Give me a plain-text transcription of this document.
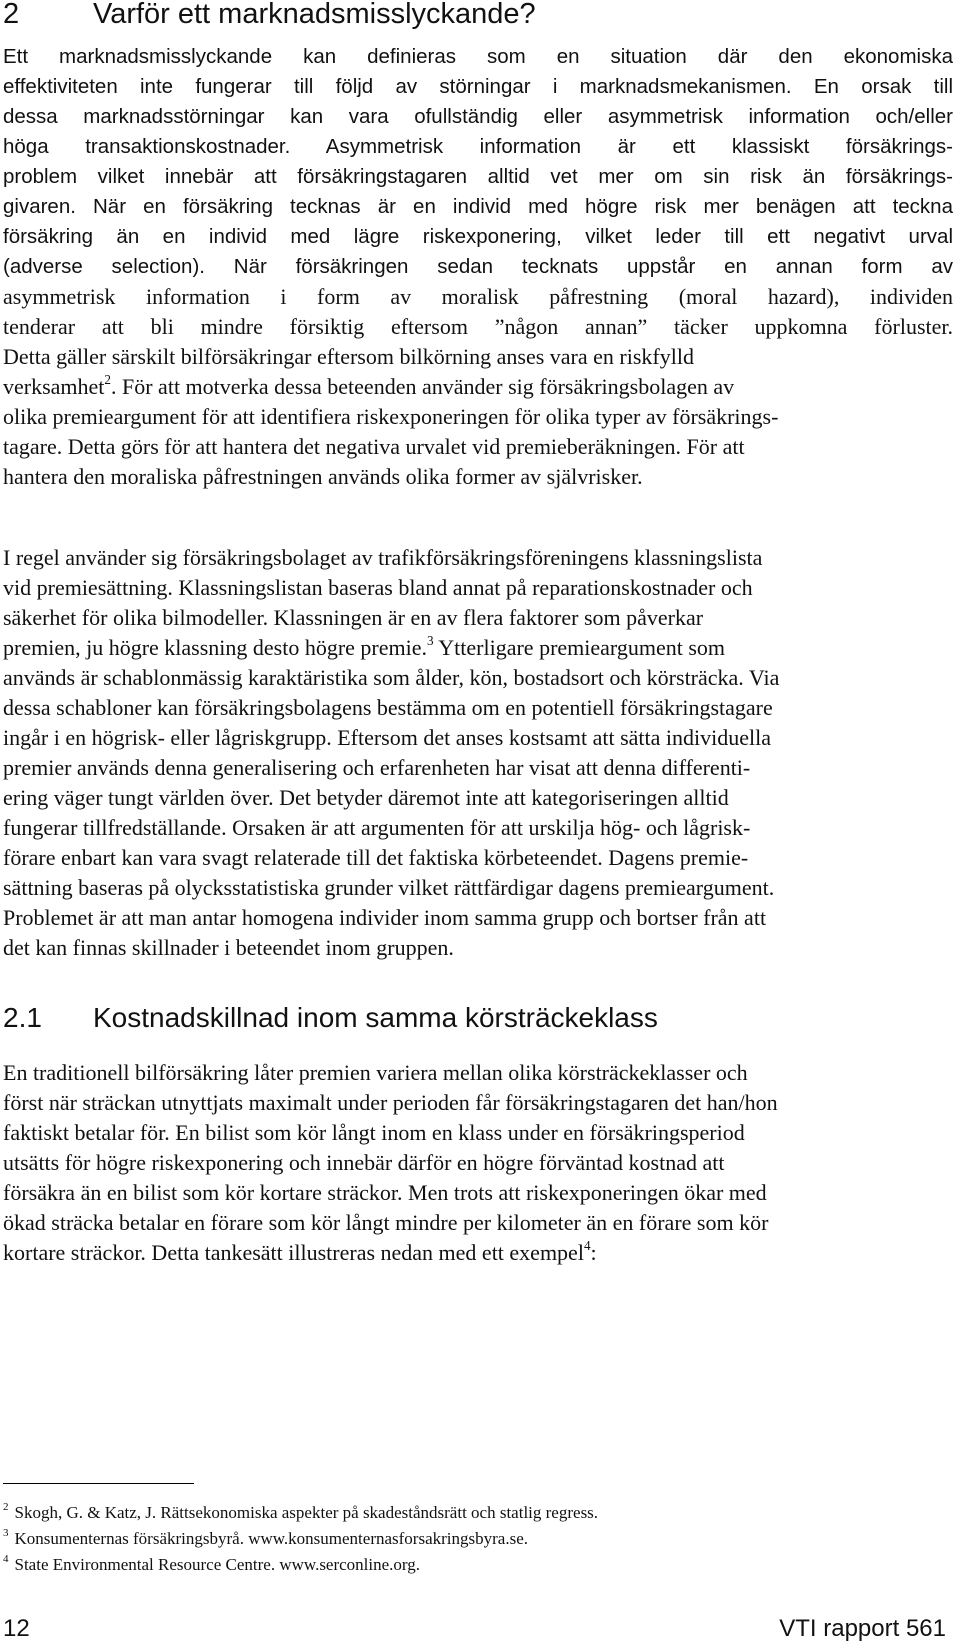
2	Varför ett marknadsmisslyckande?
Ett marknadsmisslyckande kan definieras som en situation där den ekonomiska
effektiviteten inte fungerar till följd av störningar i marknadsmekanismen. En orsak till
dessa marknadsstörningar kan vara ofullständig eller asymmetrisk information och/eller
höga transaktionskostnader. Asymmetrisk information är ett klassiskt försäkrings-
problem vilket innebär att försäkringstagaren alltid vet mer om sin risk än försäkrings-
givaren. När en försäkring tecknas är en individ med högre risk mer benägen att teckna
försäkring än en individ med lägre riskexponering, vilket leder till ett negativt urval
(adverse selection). När försäkringen sedan tecknats uppstår en annan form av
asymmetrisk information i form av moralisk påfrestning (moral hazard), individen
tenderar att bli mindre försiktig eftersom ”någon annan” täcker uppkomna förluster.
Detta gäller särskilt bilförsäkringar eftersom bilkörning anses vara en riskfylld
verksamhet$^2$. För att motverka dessa beteenden använder sig försäkringsbolagen av
olika premieargument för att identifiera riskexponeringen för olika typer av försäkrings-
tagare. Detta görs för att hantera det negativa urvalet vid premieberäkningen. För att
hantera den moraliska påfrestningen används olika former av självrisker.
I regel använder sig försäkringsbolaget av trafikförsäkringsföreningens klassningslista
vid premiesättning. Klassningslistan baseras bland annat på reparationskostnader och
säkerhet för olika bilmodeller. Klassningen är en av flera faktorer som påverkar
premien, ju högre klassning desto högre premie.$^3$ Ytterligare premieargument som
används är schablonmässig karaktäristika som ålder, kön, bostadsort och körsträcka. Via
dessa schabloner kan försäkringsbolagens bestämma om en potentiell försäkringstagare
ingår i en högrisk- eller lågriskgrupp. Eftersom det anses kostsamt att sätta individuella
premier används denna generalisering och erfarenheten har visat att denna differenti-
ering väger tungt världen över. Det betyder däremot inte att kategoriseringen alltid
fungerar tillfredställande. Orsaken är att argumenten för att urskilja hög- och lågrisk-
förare enbart kan vara svagt relaterade till det faktiska körbeteendet. Dagens premie-
sättning baseras på olycksstatistiska grunder vilket rättfärdigar dagens premieargument.
Problemet är att man antar homogena individer inom samma grupp och bortser från att
det kan finnas skillnader i beteendet inom gruppen.
2.1 Kostnadskillnad inom samma körsträckeklass
En traditionell bilförsäkring låter premien variera mellan olika körsträckeklasser och
först när sträckan utnyttjats maximalt under perioden får försäkringstagaren det han/hon
faktiskt betalar för. En bilist som kör långt inom en klass under en försäkringsperiod
utsätts för högre riskexponering och innebär därför en högre förväntad kostnad att
försäkra än en bilist som kör kortare sträckor. Men trots att riskexponeringen ökar med
ökad sträcka betalar en förare som kör långt mindre per kilometer än en förare som kör
kortare sträckor. Detta tankesätt illustreras nedan med ett exempel$^4$:
$^2$ Skogh, G. & Katz, J. Rättsekonomiska aspekter på skadeståndsrätt och statlig regress.
$^3$ Konsumenternas försäkringsbyrå. www.konsumenternasforsakringsbyra.se.
$^4$ State Environmental Resource Centre. www.serconline.org.
12	VTI rapport 561
